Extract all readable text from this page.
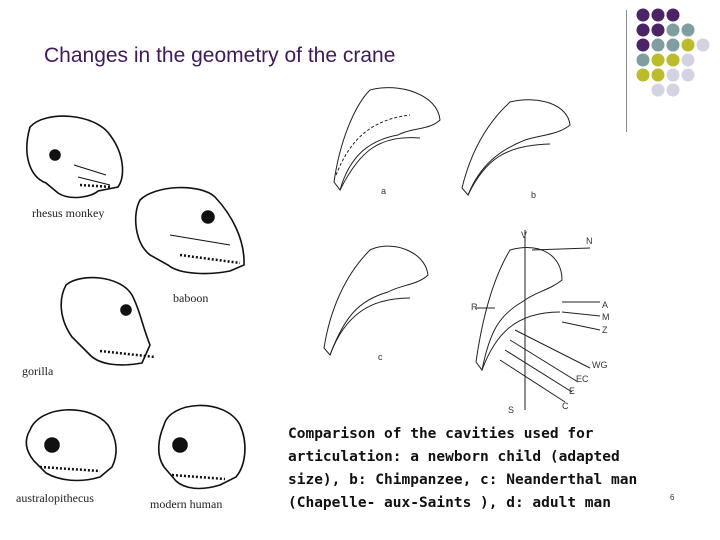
Changes in the geometry of the crane
rhesus monkey
baboon
gorilla
australopithecus	modern human
a	b
c
V
N
R	A
M
Z
WG
EC
E
C
S
Comparison of the cavities used for
articulation: a newborn child (adapted
size), b: Chimpanzee, c: Neanderthal man
(Chapelle- aux-Saints ), d: adult man	6
